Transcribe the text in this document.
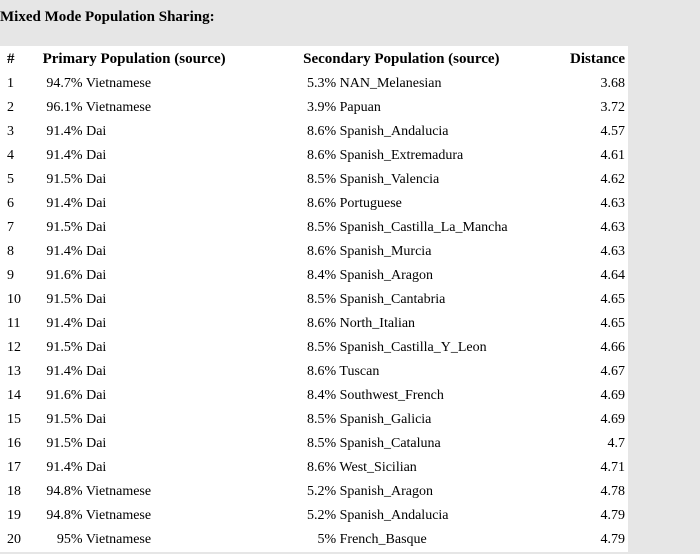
Mixed Mode Population Sharing:
#	Primary Population (source)	Secondary Population (source)	Distance
1	94.7% Vietnamese	5.3% NAN_Melanesian	3.68
2	96.1% Vietnamese	3.9% Papuan	3.72
3	91.4% Dai	8.6% Spanish_Andalucia	4.57
4	91.4% Dai	8.6% Spanish_Extremadura	4.61
5	91.5% Dai	8.5% Spanish_Valencia	4.62
6	91.4% Dai	8.6% Portuguese	4.63
7	91.5% Dai	8.5% Spanish_Castilla_La_Mancha	4.63
8	91.4% Dai	8.6% Spanish_Murcia	4.63
9	91.6% Dai	8.4% Spanish_Aragon	4.64
10	91.5% Dai	8.5% Spanish_Cantabria	4.65
11	91.4% Dai	8.6% North_Italian	4.65
12	91.5% Dai	8.5% Spanish_Castilla_Y_Leon	4.66
13	91.4% Dai	8.6% Tuscan	4.67
14	91.6% Dai	8.4% Southwest_French	4.69
15	91.5% Dai	8.5% Spanish_Galicia	4.69
16	91.5% Dai	8.5% Spanish_Cataluna	4.7
17	91.4% Dai	8.6% West_Sicilian	4.71
18	94.8% Vietnamese	5.2% Spanish_Aragon	4.78
19	94.8% Vietnamese	5.2% Spanish_Andalucia	4.79
20	95% Vietnamese	5% French_Basque	4.79
